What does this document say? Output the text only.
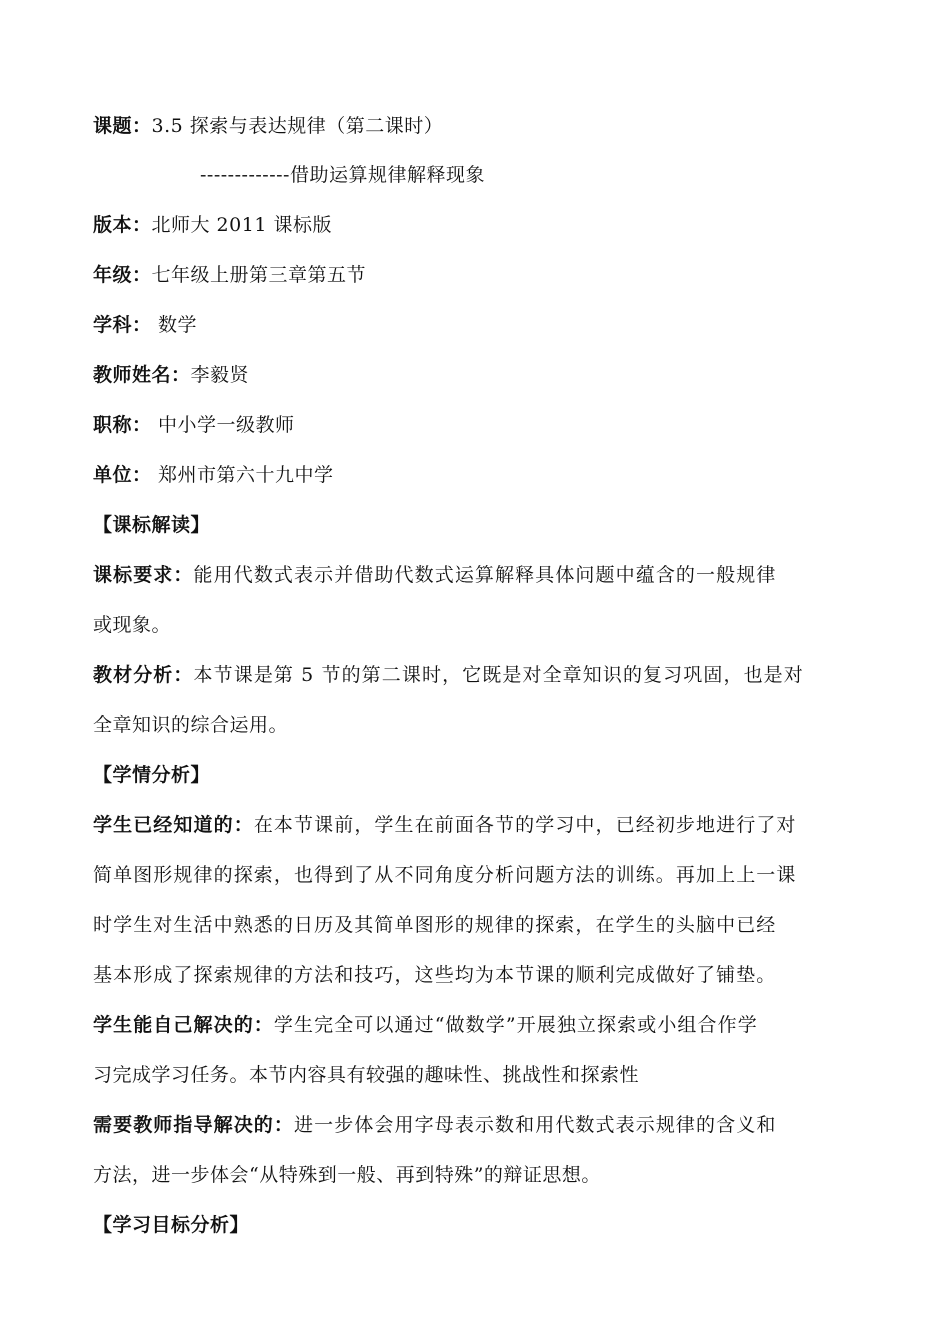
课题：3.5 探索与表达规律（第二课时）
-------------借助运算规律解释现象
版本：北师大 2011 课标版
年级：七年级上册第三章第五节
学科： 数学
教师姓名：李毅贤
职称： 中小学一级教师
单位： 郑州市第六十九中学
【课标解读】
课标要求：能用代数式表示并借助代数式运算解释具体问题中蕴含的一般规律
或现象。
教材分析：本节课是第 5 节的第二课时，它既是对全章知识的复习巩固，也是对
全章知识的综合运用。
【学情分析】
学生已经知道的：在本节课前，学生在前面各节的学习中，已经初步地进行了对
简单图形规律的探索，也得到了从不同角度分析问题方法的训练。再加上上一课
时学生对生活中熟悉的日历及其简单图形的规律的探索，在学生的头脑中已经
基本形成了探索规律的方法和技巧，这些均为本节课的顺利完成做好了铺垫。
学生能自己解决的：学生完全可以通过“做数学”开展独立探索或小组合作学
习完成学习任务。本节内容具有较强的趣味性、挑战性和探索性
需要教师指导解决的：进一步体会用字母表示数和用代数式表示规律的含义和
方法，进一步体会“从特殊到一般、再到特殊”的辩证思想。
【学习目标分析】
